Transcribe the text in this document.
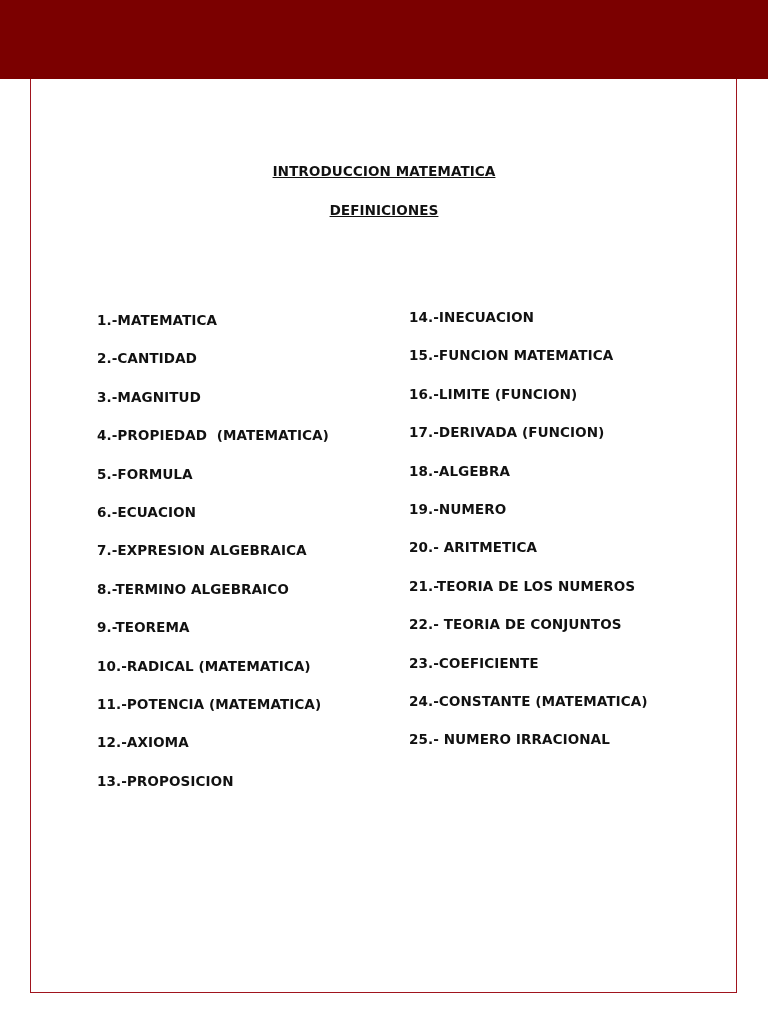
INTRODUCCION MATEMATICA
DEFINICIONES
1.-MATEMATICA
2.-CANTIDAD
3.-MAGNITUD
4.-PROPIEDAD  (MATEMATICA)
5.-FORMULA
6.-ECUACION
7.-EXPRESION ALGEBRAICA
8.-TERMINO ALGEBRAICO
9.-TEOREMA
10.-RADICAL (MATEMATICA)
11.-POTENCIA (MATEMATICA)
12.-AXIOMA
13.-PROPOSICION
14.-INECUACION
15.-FUNCION MATEMATICA
16.-LIMITE (FUNCION)
17.-DERIVADA (FUNCION)
18.-ALGEBRA
19.-NUMERO
20.- ARITMETICA
21.-TEORIA DE LOS NUMEROS
22.- TEORIA DE CONJUNTOS
23.-COEFICIENTE
24.-CONSTANTE (MATEMATICA)
25.- NUMERO IRRACIONAL
